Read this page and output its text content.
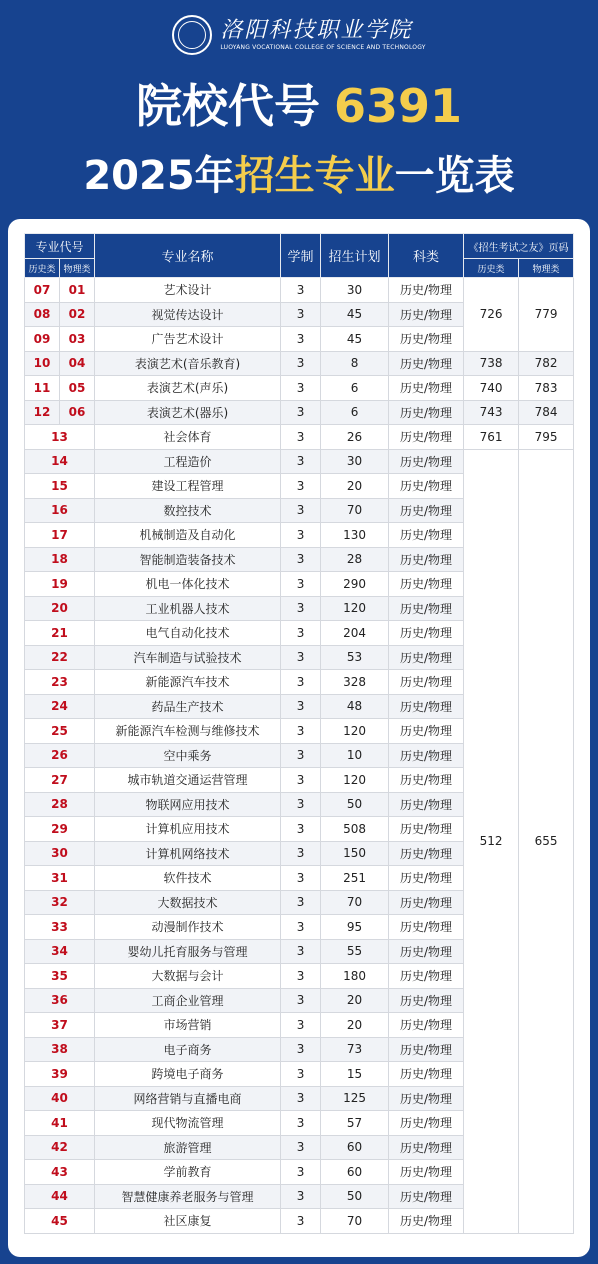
洛阳科技职业学院
LUOYANG VOCATIONAL COLLEGE OF SCIENCE AND TECHNOLOGY
院校代号 6391
2025年招生专业一览表
专业代号		专业名称	学制	招生计划	科类	《招生考试之友》页码	
历史类	物理类					历史类	物理类
07	01	艺术设计	3	30	历史/物理	726	779
08	02	视觉传达设计	3	45	历史/物理		
09	03	广告艺术设计	3	45	历史/物理		
10	04	表演艺术(音乐教育)	3	8	历史/物理	738	782
11	05	表演艺术(声乐)	3	6	历史/物理	740	783
12	06	表演艺术(器乐)	3	6	历史/物理	743	784
13		社会体育	3	26	历史/物理	761	795
14		工程造价	3	30	历史/物理	512	655
15		建设工程管理	3	20	历史/物理		
16		数控技术	3	70	历史/物理		
17		机械制造及自动化	3	130	历史/物理		
18		智能制造装备技术	3	28	历史/物理		
19		机电一体化技术	3	290	历史/物理		
20		工业机器人技术	3	120	历史/物理		
21		电气自动化技术	3	204	历史/物理		
22		汽车制造与试验技术	3	53	历史/物理		
23		新能源汽车技术	3	328	历史/物理		
24		药品生产技术	3	48	历史/物理		
25		新能源汽车检测与维修技术	3	120	历史/物理		
26		空中乘务	3	10	历史/物理		
27		城市轨道交通运营管理	3	120	历史/物理		
28		物联网应用技术	3	50	历史/物理		
29		计算机应用技术	3	508	历史/物理		
30		计算机网络技术	3	150	历史/物理		
31		软件技术	3	251	历史/物理		
32		大数据技术	3	70	历史/物理		
33		动漫制作技术	3	95	历史/物理		
34		婴幼儿托育服务与管理	3	55	历史/物理		
35		大数据与会计	3	180	历史/物理		
36		工商企业管理	3	20	历史/物理		
37		市场营销	3	20	历史/物理		
38		电子商务	3	73	历史/物理		
39		跨境电子商务	3	15	历史/物理		
40		网络营销与直播电商	3	125	历史/物理		
41		现代物流管理	3	57	历史/物理		
42		旅游管理	3	60	历史/物理		
43		学前教育	3	60	历史/物理		
44		智慧健康养老服务与管理	3	50	历史/物理		
45		社区康复	3	70	历史/物理		
